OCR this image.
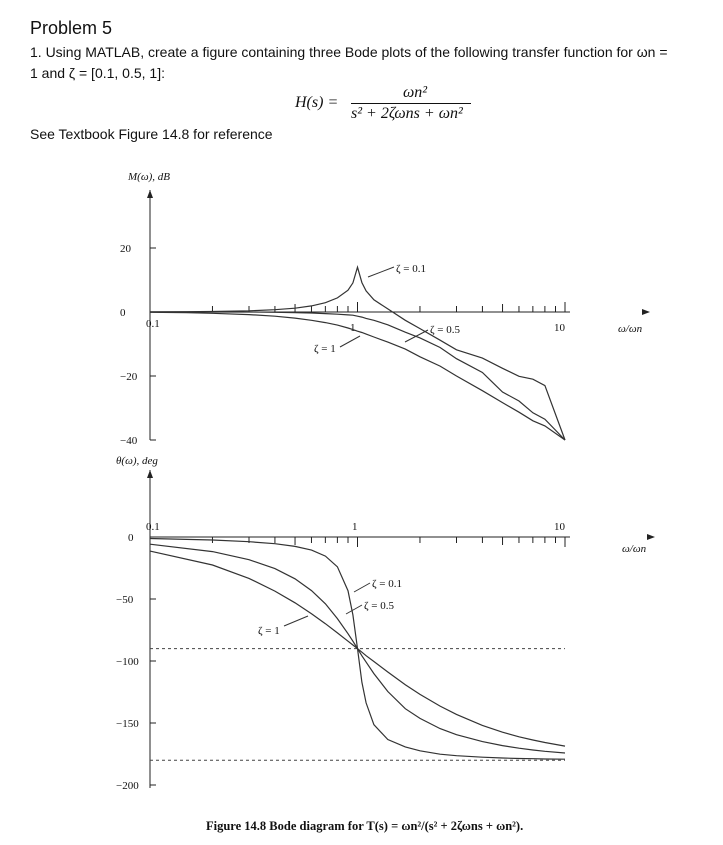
Problem 5
1. Using MATLAB, create a figure containing three Bode plots of the following transfer function for ωn =
1 and ζ = [0.1, 0.5, 1]:
H(s) =
ωn²
s² + 2ζωns + ωn²
See Textbook Figure 14.8 for reference
M(ω), dB
20
0
−20
−40
0.1	1	10	ω/ωn
ζ = 0.1
ζ = 0.5
ζ = 1
θ(ω), deg
0
−50
−100
−150
−200
0.1	1	10
ω/ωn
ζ = 0.1
ζ = 0.5
ζ = 1
Figure 14.8 Bode diagram for T(s) = ωn²/(s² + 2ζωns + ωn²).
